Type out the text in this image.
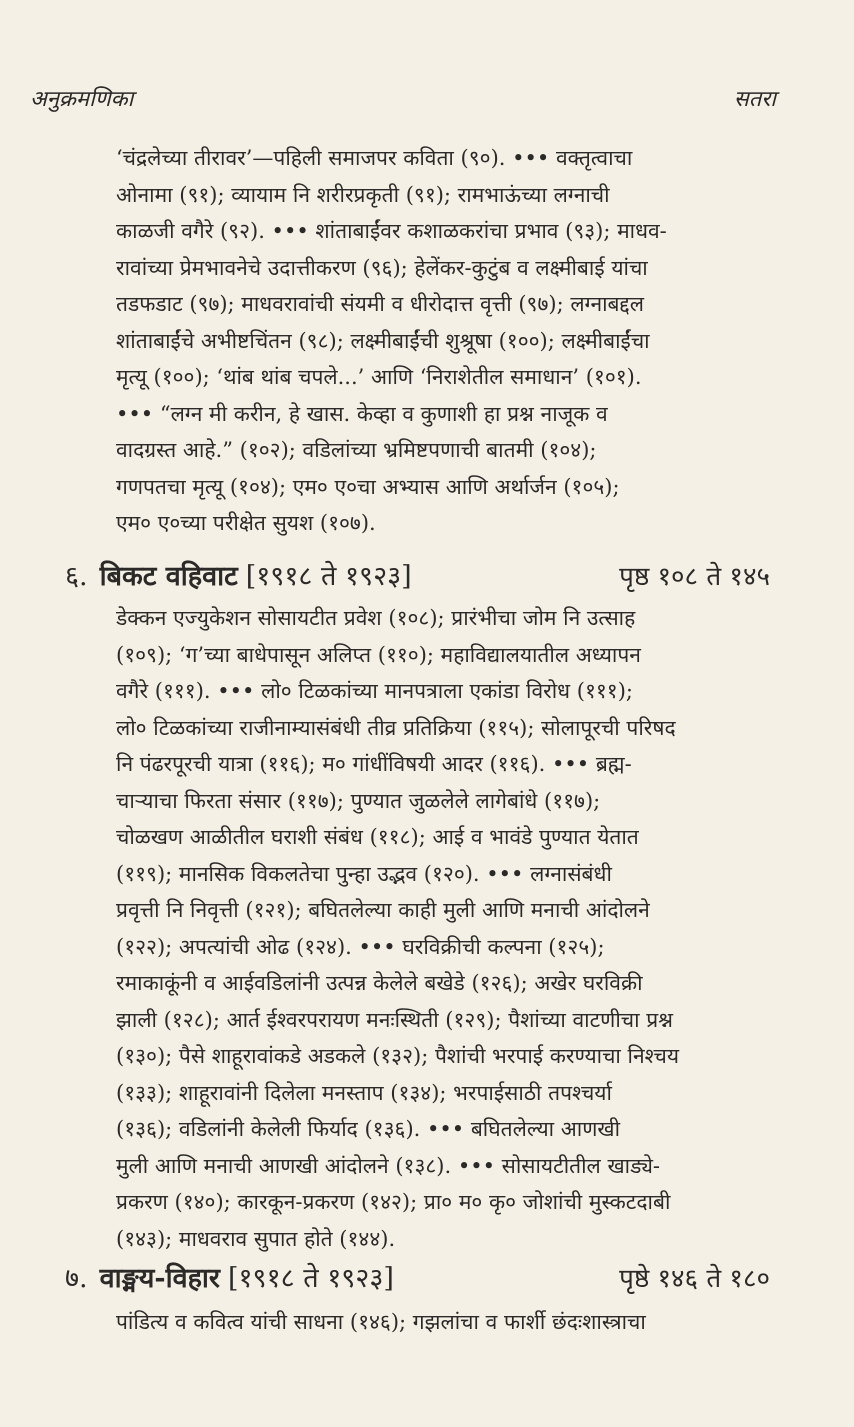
अनुक्रमणिका	सतरा
‘चंद्रलेच्या तीरावर’—पहिली समाजपर कविता (९०). ••• वक्तृत्वाचा
ओनामा (९१); व्यायाम नि शरीरप्रकृती (९१); रामभाऊंच्या लग्नाची
काळजी वगैरे (९२). ••• शांताबाईंवर कशाळकरांचा प्रभाव (९३); माधव-
रावांच्या प्रेमभावनेचे उदात्तीकरण (९६); हेलेंकर-कुटुंब व लक्ष्मीबाई यांचा
तडफडाट (९७); माधवरावांची संयमी व धीरोदात्त वृत्ती (९७); लग्नाबद्दल
शांताबाईंचे अभीष्टचिंतन (९८); लक्ष्मीबाईंची शुश्रूषा (१००); लक्ष्मीबाईंचा
मृत्यू (१००); ‘थांब थांब चपले...’ आणि ‘निराशेतील समाधान’ (१०१).
••• “लग्न मी करीन, हे खास. केव्हा व कुणाशी हा प्रश्न नाजूक व
वादग्रस्त आहे.” (१०२); वडिलांच्या भ्रमिष्टपणाची बातमी (१०४);
गणपतचा मृत्यू (१०४); एम० ए०चा अभ्यास आणि अर्थार्जन (१०५);
एम० ए०च्या परीक्षेत सुयश (१०७).
६. बिकट वहिवाट [१९१८ ते १९२३]	पृष्ठ १०८ ते १४५
डेक्कन एज्युकेशन सोसायटीत प्रवेश (१०८); प्रारंभीचा जोम नि उत्साह
(१०९); ‘ग’च्या बाधेपासून अलिप्त (११०); महाविद्यालयातील अध्यापन
वगैरे (१११). ••• लो० टिळकांच्या मानपत्राला एकांडा विरोध (१११);
लो० टिळकांच्या राजीनाम्यासंबंधी तीव्र प्रतिक्रिया (११५); सोलापूरची परिषद
नि पंढरपूरची यात्रा (११६); म० गांधींविषयी आदर (११६). ••• ब्रह्म-
चाऱ्याचा फिरता संसार (११७); पुण्यात जुळलेले लागेबांधे (११७);
चोळखण आळीतील घराशी संबंध (११८); आई व भावंडे पुण्यात येतात
(११९); मानसिक विकलतेचा पुन्हा उद्भव (१२०). ••• लग्नासंबंधी
प्रवृत्ती नि निवृत्ती (१२१); बघितलेल्या काही मुली आणि मनाची आंदोलने
(१२२); अपत्यांची ओढ (१२४). ••• घरविक्रीची कल्पना (१२५);
रमाकाकूंनी व आईवडिलांनी उत्पन्न केलेले बखेडे (१२६); अखेर घरविक्री
झाली (१२८); आर्त ईश्वरपरायण मनःस्थिती (१२९); पैशांच्या वाटणीचा प्रश्न
(१३०); पैसे शाहूरावांकडे अडकले (१३२); पैशांची भरपाई करण्याचा निश्चय
(१३३); शाहूरावांनी दिलेला मनस्ताप (१३४); भरपाईसाठी तपश्चर्या
(१३६); वडिलांनी केलेली फिर्याद (१३६). ••• बघितलेल्या आणखी
मुली आणि मनाची आणखी आंदोलने (१३८). ••• सोसायटीतील खाड्ये-
प्रकरण (१४०); कारकून-प्रकरण (१४२); प्रा० म० कृ० जोशांची मुस्कटदाबी
(१४३); माधवराव सुपात होते (१४४).
७. वाङ्मय-विहार [१९१८ ते १९२३]	पृष्ठे १४६ ते १८०
पांडित्य व कवित्व यांची साधना (१४६); गझलांचा व फार्शी छंदःशास्त्राचा
